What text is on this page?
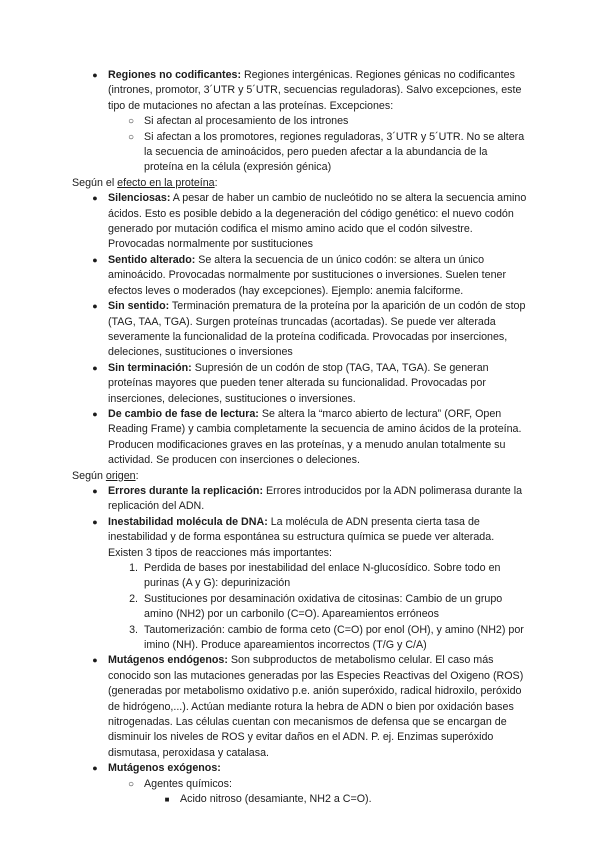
● Regiones no codificantes: Regiones intergénicas. Regiones génicas no codificantes (intrones, promotor, 3´UTR y 5´UTR, secuencias reguladoras). Salvo excepciones, este tipo de mutaciones no afectan a las proteínas. Excepciones:
○ Si afectan al procesamiento de los intrones
○ Si afectan a los promotores, regiones reguladoras, 3´UTR y 5´UTR. No se altera la secuencia de aminoácidos, pero pueden afectar a la abundancia de la proteína en la célula (expresión génica)
Según el efecto en la proteína:
● Silenciosas: A pesar de haber un cambio de nucleótido no se altera la secuencia amino ácidos. Esto es posible debido a la degeneración del código genético: el nuevo codón generado por mutación codifica el mismo amino acido que el codón silvestre. Provocadas normalmente por sustituciones
● Sentido alterado: Se altera la secuencia de un único codón: se altera un único aminoácido. Provocadas normalmente por sustituciones o inversiones. Suelen tener efectos leves o moderados (hay excepciones). Ejemplo: anemia falciforme.
● Sin sentido: Terminación prematura de la proteína por la aparición de un codón de stop (TAG, TAA, TGA). Surgen proteínas truncadas (acortadas). Se puede ver alterada severamente la funcionalidad de la proteína codificada. Provocadas por inserciones, deleciones, sustituciones o inversiones
● Sin terminación: Supresión de un codón de stop (TAG, TAA, TGA). Se generan proteínas mayores que pueden tener alterada su funcionalidad. Provocadas por inserciones, deleciones, sustituciones o inversiones.
● De cambio de fase de lectura: Se altera la “marco abierto de lectura” (ORF, Open Reading Frame) y cambia completamente la secuencia de amino ácidos de la proteína. Producen modificaciones graves en las proteínas, y a menudo anulan totalmente su actividad. Se producen con inserciones o deleciones.
Según origen:
● Errores durante la replicación: Errores introducidos por la ADN polimerasa durante la replicación del ADN.
● Inestabilidad molécula de DNA: La molécula de ADN presenta cierta tasa de inestabilidad y de forma espontánea su estructura química se puede ver alterada. Existen 3 tipos de reacciones más importantes:
1. Perdida de bases por inestabilidad del enlace N-glucosídico. Sobre todo en purinas (A y G): depurinización
2. Sustituciones por desaminación oxidativa de citosinas: Cambio de un grupo amino (NH2) por un carbonilo (C=O). Apareamientos erróneos
3. Tautomerización: cambio de forma ceto (C=O) por enol (OH), y amino (NH2) por imino (NH). Produce apareamientos incorrectos (T/G y C/A)
● Mutágenos endógenos: Son subproductos de metabolismo celular. El caso más conocido son las mutaciones generadas por las Especies Reactivas del Oxigeno (ROS) (generadas por metabolismo oxidativo p.e. anión superóxido, radical hidroxilo, peróxido de hidrógeno,...). Actúan mediante rotura la hebra de ADN o bien por oxidación bases nitrogenadas. Las células cuentan con mecanismos de defensa que se encargan de disminuir los niveles de ROS y evitar daños en el ADN. P. ej. Enzimas superóxido dismutasa, peroxidasa y catalasa.
● Mutágenos exógenos:
○ Agentes químicos:
■ Acido nitroso (desamiante, NH2 a C=O).
